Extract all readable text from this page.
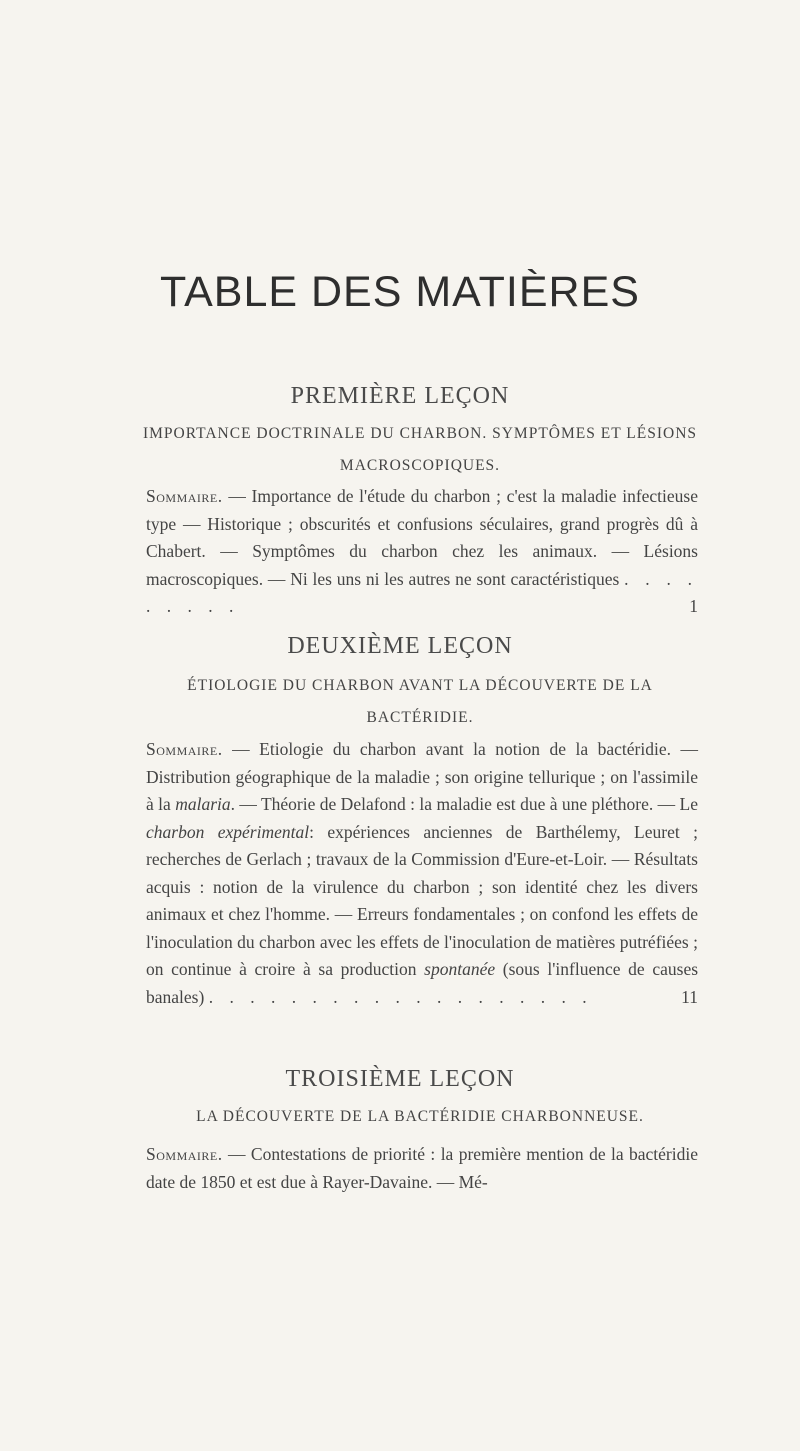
TABLE DES MATIÈRES
PREMIÈRE LEÇON
IMPORTANCE DOCTRINALE DU CHARBON. SYMPTÔMES ET LÉSIONS MACROSCOPIQUES.
Sommaire. — Importance de l'étude du charbon ; c'est la maladie infectieuse type — Historique ; obscurités et confusions séculaires, grand progrès dû à Chabert. — Symptômes du charbon chez les animaux. — Lésions macroscopiques. — Ni les uns ni les autres ne sont caractéristiques . . . . . . . . .	1
DEUXIÈME LEÇON
ÉTIOLOGIE DU CHARBON AVANT LA DÉCOUVERTE DE LA BACTÉRIDIE.
Sommaire. — Etiologie du charbon avant la notion de la bactéridie. — Distribution géographique de la maladie ; son origine tellurique ; on l'assimile à la malaria. — Théorie de Delafond : la maladie est due à une pléthore. — Le charbon expérimental: expériences anciennes de Barthélemy, Leuret ; recherches de Gerlach ; travaux de la Commission d'Eure-et-Loir. — Résultats acquis : notion de la virulence du charbon ; son identité chez les divers animaux et chez l'homme. — Erreurs fondamentales ; on confond les effets de l'inoculation du charbon avec les effets de l'inoculation de matières putréfiées ; on continue à croire à sa production spontanée (sous l'influence de causes banales) . . . . . . . . . . . . . . . . . . .	11
TROISIÈME LEÇON
LA DÉCOUVERTE DE LA BACTÉRIDIE CHARBONNEUSE.
Sommaire. — Contestations de priorité : la première mention de la bactéridie date de 1850 et est due à Rayer-Davaine. — Mé-
